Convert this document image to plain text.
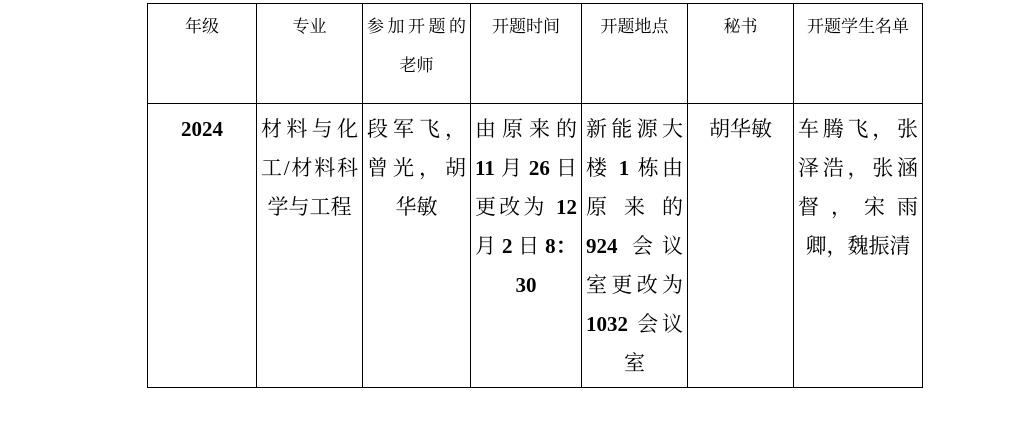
年级	专业	参加开题的老师	开题时间	开题地点	秘书	开题学生名单
2024	材料与化工/材料科学与工程	段军飞，曾光，胡华敏	由原来的 11 月 26 日更改为 12 月 2 日 8：30	新能源大楼 1 栋由原来的 924 会议室更改为 1032 会议室	胡华敏	车腾飞，张泽浩，张涵督，宋雨卿，魏振清
